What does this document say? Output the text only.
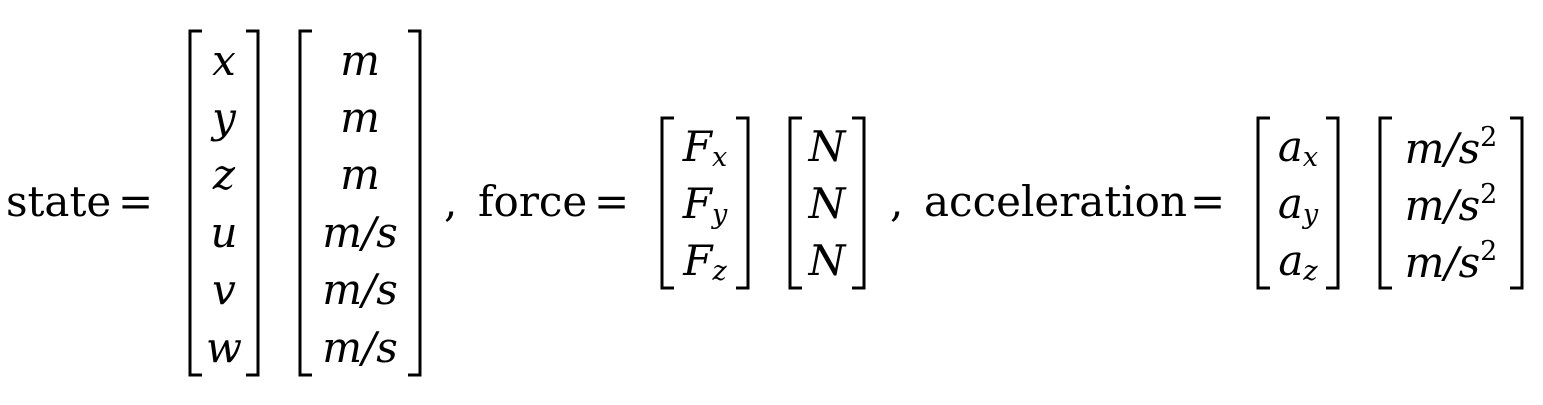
state =
x
y
z
u
v
w
m
m
m
m/s
m/s
m/s
, force =
$F_x$
$F_y$
$F_z$
N
N
N
, acceleration =
$a_x$
$a_y$
$a_z$
$m/s^2$
$m/s^2$
$m/s^2$
